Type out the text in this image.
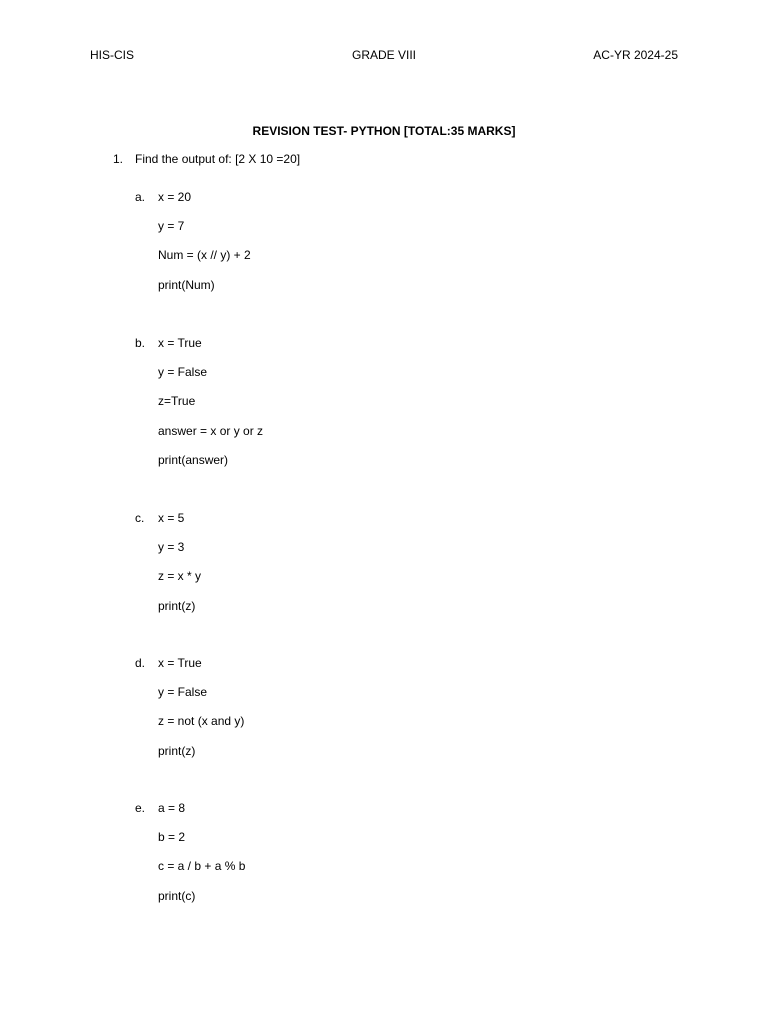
HIS-CIS	GRADE VIII	AC-YR 2024-25
REVISION TEST- PYTHON [TOTAL:35 MARKS]
1. Find the output of: [2 X 10 =20]
a. x = 20
y = 7
Num = (x // y) + 2
print(Num)
b. x = True
y = False
z=True
answer = x or y or z
print(answer)
c. x = 5
y = 3
z = x * y
print(z)
d. x = True
y = False
z = not (x and y)
print(z)
e. a = 8
b = 2
c = a / b + a % b
print(c)
